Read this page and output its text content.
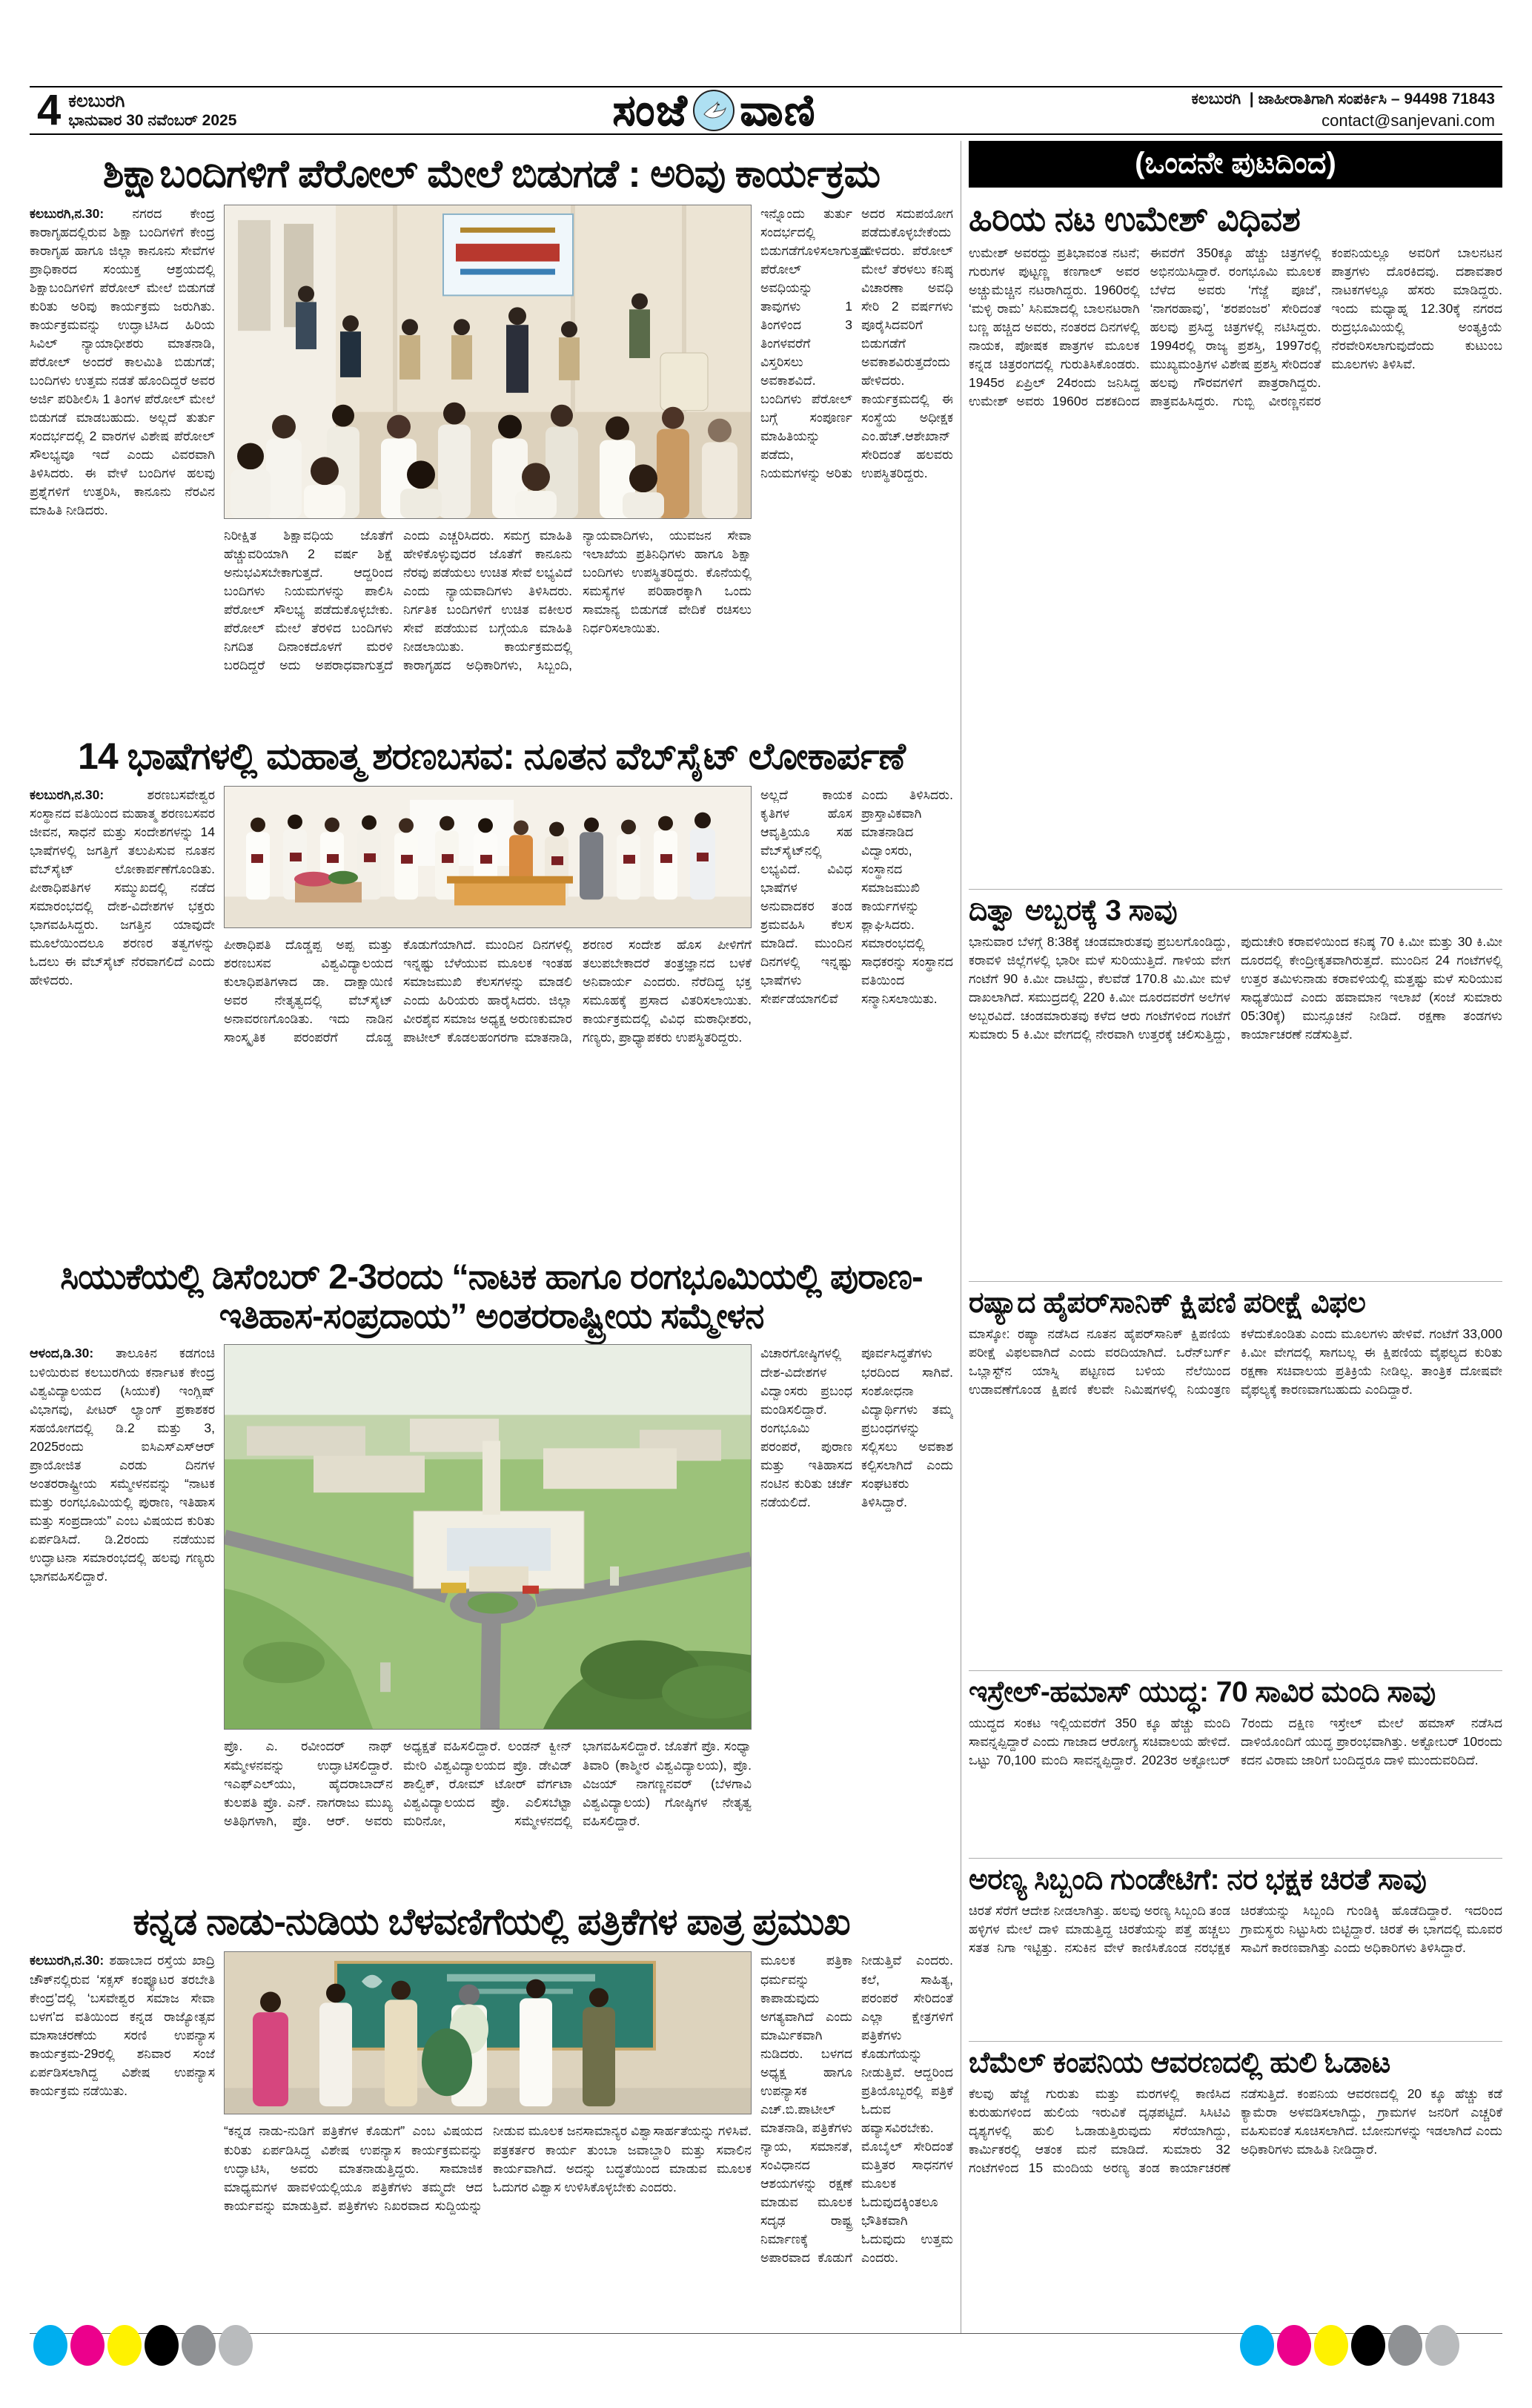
4 ಕಲಬುರಗಿ
ಭಾನುವಾರ 30 ನವೆಂಬರ್ 2025	ಸಂಜೆ ವಾಣಿ	ಕಲಬುರಗಿ | ಜಾಹೀರಾತಿಗಾಗಿ ಸಂಪರ್ಕಿಸಿ – 94498 71843
contact@sanjevani.com
ಶಿಕ್ಷಾಬಂದಿಗಳಿಗೆ ಪೆರೋಲ್ ಮೇಲೆ ಬಿಡುಗಡೆ : ಅರಿವು ಕಾರ್ಯಕ್ರಮ
ಕಲಬುರಗಿ,ನ.30: ನಗರದ ಕೇಂದ್ರ ಕಾರಾಗೃಹದಲ್ಲಿರುವ ಶಿಕ್ಷಾ ಬಂದಿಗಳಿಗೆ ಕೇಂದ್ರ ಕಾರಾಗೃಹ ಹಾಗೂ ಜಿಲ್ಲಾ ಕಾನೂನು ಸೇವೆಗಳ ಪ್ರಾಧಿಕಾರದ ಸಂಯುಕ್ತ ಆಶ್ರಯದಲ್ಲಿ ಶಿಕ್ಷಾಬಂದಿಗಳಿಗೆ ಪೆರೋಲ್ ಮೇಲೆ ಬಿಡುಗಡೆ ಕುರಿತು ಅರಿವು ಕಾರ್ಯಕ್ರಮ ಜರುಗಿತು. ಕಾರ್ಯಕ್ರಮವನ್ನು ಉದ್ಘಾಟಿಸಿದ ಹಿರಿಯ ಸಿವಿಲ್ ನ್ಯಾಯಾಧೀಶರು ಮಾತನಾಡಿ, ಪೆರೋಲ್ ಅಂದರೆ ಕಾಲಮಿತಿ ಬಿಡುಗಡೆ; ಬಂದಿಗಳು ಉತ್ತಮ ನಡತೆ ಹೊಂದಿದ್ದರೆ ಅವರ ಅರ್ಜಿ ಪರಿಶೀಲಿಸಿ 1 ತಿಂಗಳ ಪೆರೋಲ್ ಮೇಲೆ ಬಿಡುಗಡೆ ಮಾಡಬಹುದು. ಅಲ್ಲದೆ ತುರ್ತು ಸಂದರ್ಭದಲ್ಲಿ 2 ವಾರಗಳ ವಿಶೇಷ ಪೆರೋಲ್ ಸೌಲಭ್ಯವೂ ಇದೆ ಎಂದು ವಿವರವಾಗಿ ತಿಳಿಸಿದರು. ಈ ವೇಳೆ ಬಂದಿಗಳ ಹಲವು ಪ್ರಶ್ನೆಗಳಿಗೆ ಉತ್ತರಿಸಿ, ಕಾನೂನು ನೆರವಿನ ಮಾಹಿತಿ ನೀಡಿದರು.
ನಿರೀಕ್ಷಿತ ಶಿಕ್ಷಾವಧಿಯ ಜೊತೆಗೆ ಹೆಚ್ಚುವರಿಯಾಗಿ 2 ವರ್ಷ ಶಿಕ್ಷೆ ಅನುಭವಿಸಬೇಕಾಗುತ್ತದೆ. ಆದ್ದರಿಂದ ಬಂದಿಗಳು ನಿಯಮಗಳನ್ನು ಪಾಲಿಸಿ ಪೆರೋಲ್ ಸೌಲಭ್ಯ ಪಡೆದುಕೊಳ್ಳಬೇಕು. ಪೆರೋಲ್ ಮೇಲೆ ತೆರಳಿದ ಬಂದಿಗಳು ನಿಗದಿತ ದಿನಾಂಕದೊಳಗೆ ಮರಳಿ ಬರದಿದ್ದರೆ ಅದು ಅಪರಾಧವಾಗುತ್ತದೆ ಎಂದು ಎಚ್ಚರಿಸಿದರು. ಸಮಗ್ರ ಮಾಹಿತಿ ಹೇಳಿಕೊಳ್ಳುವುದರ ಜೊತೆಗೆ ಕಾನೂನು ನೆರವು ಪಡೆಯಲು ಉಚಿತ ಸೇವೆ ಲಭ್ಯವಿದೆ ಎಂದು ನ್ಯಾಯವಾದಿಗಳು ತಿಳಿಸಿದರು. ನಿರ್ಗತಿಕ ಬಂದಿಗಳಿಗೆ ಉಚಿತ ವಕೀಲರ ಸೇವೆ ಪಡೆಯುವ ಬಗ್ಗೆಯೂ ಮಾಹಿತಿ ನೀಡಲಾಯಿತು. ಕಾರ್ಯಕ್ರಮದಲ್ಲಿ ಕಾರಾಗೃಹದ ಅಧಿಕಾರಿಗಳು, ಸಿಬ್ಬಂದಿ, ನ್ಯಾಯವಾದಿಗಳು, ಯುವಜನ ಸೇವಾ ಇಲಾಖೆಯ ಪ್ರತಿನಿಧಿಗಳು ಹಾಗೂ ಶಿಕ್ಷಾ ಬಂದಿಗಳು ಉಪಸ್ಥಿತರಿದ್ದರು. ಕೊನೆಯಲ್ಲಿ ಸಮಸ್ಯೆಗಳ ಪರಿಹಾರಕ್ಕಾಗಿ ಒಂದು ಸಾಮಾನ್ಯ ಬಿಡುಗಡೆ ವೇದಿಕೆ ರಚಿಸಲು ನಿರ್ಧರಿಸಲಾಯಿತು.
ಇನ್ನೊಂದು ತುರ್ತು ಸಂದರ್ಭದಲ್ಲಿ ಬಿಡುಗಡೆಗೊಳಿಸಲಾಗುತ್ತದೆ. ಪೆರೋಲ್ ಅವಧಿಯನ್ನು ತಾವುಗಳು 1 ತಿಂಗಳಿಂದ 3 ತಿಂಗಳವರೆಗೆ ವಿಸ್ತರಿಸಲು ಅವಕಾಶವಿದೆ. ಬಂದಿಗಳು ಪೆರೋಲ್ ಬಗ್ಗೆ ಸಂಪೂರ್ಣ ಮಾಹಿತಿಯನ್ನು ಪಡೆದು, ನಿಯಮಗಳನ್ನು ಅರಿತು ಅದರ ಸದುಪಯೋಗ ಪಡೆದುಕೊಳ್ಳಬೇಕೆಂದು ಹೇಳಿದರು. ಪೆರೋಲ್ ಮೇಲೆ ತೆರಳಲು ಕನಿಷ್ಠ ವಿಚಾರಣಾ ಅವಧಿ ಸೇರಿ 2 ವರ್ಷಗಳು ಪೂರೈಸಿದವರಿಗೆ ಬಿಡುಗಡೆಗೆ ಅವಕಾಶವಿರುತ್ತದೆಂದು ಹೇಳಿದರು. ಕಾರ್ಯಕ್ರಮದಲ್ಲಿ ಈ ಸಂಸ್ಥೆಯ ಅಧೀಕ್ಷಕ ಎಂ.ಹೆಚ್.ಆಶೇಖಾನ್ ಸೇರಿದಂತೆ ಹಲವರು ಉಪಸ್ಥಿತರಿದ್ದರು.
14 ಭಾಷೆಗಳಲ್ಲಿ ಮಹಾತ್ಮ ಶರಣಬಸವ: ನೂತನ ವೆಬ್‌ಸೈಟ್ ಲೋಕಾರ್ಪಣೆ
ಕಲಬುರಗಿ,ನ.30: ಶರಣಬಸವೇಶ್ವರ ಸಂಸ್ಥಾನದ ವತಿಯಿಂದ ಮಹಾತ್ಮ ಶರಣಬಸವರ ಜೀವನ, ಸಾಧನೆ ಮತ್ತು ಸಂದೇಶಗಳನ್ನು 14 ಭಾಷೆಗಳಲ್ಲಿ ಜಗತ್ತಿಗೆ ತಲುಪಿಸುವ ನೂತನ ವೆಬ್‌ಸೈಟ್ ಲೋಕಾರ್ಪಣೆಗೊಂಡಿತು. ಪೀಠಾಧಿಪತಿಗಳ ಸಮ್ಮುಖದಲ್ಲಿ ನಡೆದ ಸಮಾರಂಭದಲ್ಲಿ ದೇಶ-ವಿದೇಶಗಳ ಭಕ್ತರು ಭಾಗವಹಿಸಿದ್ದರು. ಜಗತ್ತಿನ ಯಾವುದೇ ಮೂಲೆಯಿಂದಲೂ ಶರಣರ ತತ್ವಗಳನ್ನು ಓದಲು ಈ ವೆಬ್‌ಸೈಟ್ ನೆರವಾಗಲಿದೆ ಎಂದು ಹೇಳಿದರು.
ಪೀಠಾಧಿಪತಿ ದೊಡ್ಡಪ್ಪ ಅಪ್ಪ ಮತ್ತು ಶರಣಬಸವ ವಿಶ್ವವಿದ್ಯಾಲಯದ ಕುಲಾಧಿಪತಿಗಳಾದ ಡಾ. ದಾಕ್ಷಾಯಿಣಿ ಅವರ ನೇತೃತ್ವದಲ್ಲಿ ವೆಬ್‌ಸೈಟ್ ಅನಾವರಣಗೊಂಡಿತು. ಇದು ನಾಡಿನ ಸಾಂಸ್ಕೃತಿಕ ಪರಂಪರೆಗೆ ದೊಡ್ಡ ಕೊಡುಗೆಯಾಗಿದೆ. ಮುಂದಿನ ದಿನಗಳಲ್ಲಿ ಇನ್ನಷ್ಟು ಬೆಳೆಯುವ ಮೂಲಕ ಇಂತಹ ಸಮಾಜಮುಖಿ ಕೆಲಸಗಳನ್ನು ಮಾಡಲಿ ಎಂದು ಹಿರಿಯರು ಹಾರೈಸಿದರು. ಜಿಲ್ಲಾ ವೀರಶೈವ ಸಮಾಜ ಅಧ್ಯಕ್ಷ ಅರುಣಕುಮಾರ ಪಾಟೀಲ್ ಕೊಡಲಹಂಗರಗಾ ಮಾತನಾಡಿ, ಶರಣರ ಸಂದೇಶ ಹೊಸ ಪೀಳಿಗೆಗೆ ತಲುಪಬೇಕಾದರೆ ತಂತ್ರಜ್ಞಾನದ ಬಳಕೆ ಅನಿವಾರ್ಯ ಎಂದರು. ನೆರೆದಿದ್ದ ಭಕ್ತ ಸಮೂಹಕ್ಕೆ ಪ್ರಸಾದ ವಿತರಿಸಲಾಯಿತು. ಕಾರ್ಯಕ್ರಮದಲ್ಲಿ ವಿವಿಧ ಮಠಾಧೀಶರು, ಗಣ್ಯರು, ಪ್ರಾಧ್ಯಾಪಕರು ಉಪಸ್ಥಿತರಿದ್ದರು.
ಅಲ್ಲದೆ ಕಾಯಕ ಕೃತಿಗಳ ಹೊಸ ಆವೃತ್ತಿಯೂ ಸಹ ವೆಬ್‌ಸೈಟ್‌ನಲ್ಲಿ ಲಭ್ಯವಿದೆ. ವಿವಿಧ ಭಾಷೆಗಳ ಅನುವಾದಕರ ತಂಡ ಶ್ರಮವಹಿಸಿ ಕೆಲಸ ಮಾಡಿದೆ. ಮುಂದಿನ ದಿನಗಳಲ್ಲಿ ಇನ್ನಷ್ಟು ಭಾಷೆಗಳು ಸೇರ್ಪಡೆಯಾಗಲಿವೆ ಎಂದು ತಿಳಿಸಿದರು. ಪ್ರಾಸ್ತಾವಿಕವಾಗಿ ಮಾತನಾಡಿದ ವಿದ್ವಾಂಸರು, ಸಂಸ್ಥಾನದ ಸಮಾಜಮುಖಿ ಕಾರ್ಯಗಳನ್ನು ಶ್ಲಾಘಿಸಿದರು. ಸಮಾರಂಭದಲ್ಲಿ ಸಾಧಕರನ್ನು ಸಂಸ್ಥಾನದ ವತಿಯಿಂದ ಸನ್ಮಾನಿಸಲಾಯಿತು.
ಸಿಯುಕೆಯಲ್ಲಿ ಡಿಸೆಂಬರ್ 2-3ರಂದು “ನಾಟಕ ಹಾಗೂ ರಂಗಭೂಮಿಯಲ್ಲಿ ಪುರಾಣ-ಇತಿಹಾಸ-ಸಂಪ್ರದಾಯ” ಅಂತರರಾಷ್ಟ್ರೀಯ ಸಮ್ಮೇಳನ
ಆಳಂದ,ಡಿ.30: ತಾಲೂಕಿನ ಕಡಗಂಚಿ ಬಳಿಯಿರುವ ಕಲಬುರಗಿಯ ಕರ್ನಾಟಕ ಕೇಂದ್ರ ವಿಶ್ವವಿದ್ಯಾಲಯದ (ಸಿಯುಕೆ) ಇಂಗ್ಲಿಷ್ ವಿಭಾಗವು, ಪೀಟರ್ ಲ್ಯಾಂಗ್ ಪ್ರಕಾಶಕರ ಸಹಯೋಗದಲ್ಲಿ ಡಿ.2 ಮತ್ತು 3, 2025ರಂದು ಐಸಿಎಸ್‌ಎಸ್‌ಆರ್ ಪ್ರಾಯೋಜಿತ ಎರಡು ದಿನಗಳ ಅಂತರರಾಷ್ಟ್ರೀಯ ಸಮ್ಮೇಳನವನ್ನು “ನಾಟಕ ಮತ್ತು ರಂಗಭೂಮಿಯಲ್ಲಿ ಪುರಾಣ, ಇತಿಹಾಸ ಮತ್ತು ಸಂಪ್ರದಾಯ” ಎಂಬ ವಿಷಯದ ಕುರಿತು ಏರ್ಪಡಿಸಿದೆ. ಡಿ.2ರಂದು ನಡೆಯುವ ಉದ್ಘಾಟನಾ ಸಮಾರಂಭದಲ್ಲಿ ಹಲವು ಗಣ್ಯರು ಭಾಗವಹಿಸಲಿದ್ದಾರೆ.
ಪ್ರೊ. ಎ. ರವೀಂದರ್ ನಾಥ್ ಸಮ್ಮೇಳನವನ್ನು ಉದ್ಘಾಟಿಸಲಿದ್ದಾರೆ. ಇಎಫ್‌ಎಲ್‌ಯು, ಹೈದರಾಬಾದ್‌ನ ಕುಲಪತಿ ಪ್ರೊ. ಎನ್. ನಾಗರಾಜು ಮುಖ್ಯ ಅತಿಥಿಗಳಾಗಿ, ಪ್ರೊ. ಆರ್. ಅವರು ಅಧ್ಯಕ್ಷತೆ ವಹಿಸಲಿದ್ದಾರೆ. ಲಂಡನ್ ಕ್ವೀನ್ ಮೇರಿ ವಿಶ್ವವಿದ್ಯಾಲಯದ ಪ್ರೊ. ಡೇವಿಡ್ ಶಾಲ್ವಿಕ್, ರೋಮ್ ಟೋರ್ ವೆರ್ಗಟಾ ವಿಶ್ವವಿದ್ಯಾಲಯದ ಪ್ರೊ. ಎಲಿಸಬೆಟ್ಟಾ ಮರಿನೋ, ಸಮ್ಮೇಳನದಲ್ಲಿ ಭಾಗವಹಿಸಲಿದ್ದಾರೆ. ಜೊತೆಗೆ ಪ್ರೊ. ಸಂಧ್ಯಾ ತಿವಾರಿ (ಕಾಶ್ಮೀರ ವಿಶ್ವವಿದ್ಯಾಲಯ), ಪ್ರೊ. ವಿಜಯ್ ನಾಗಣ್ಣನವರ್ (ಬೆಳಗಾವಿ ವಿಶ್ವವಿದ್ಯಾಲಯ) ಗೋಷ್ಠಿಗಳ ನೇತೃತ್ವ ವಹಿಸಲಿದ್ದಾರೆ.
ವಿಚಾರಗೋಷ್ಠಿಗಳಲ್ಲಿ ದೇಶ-ವಿದೇಶಗಳ ವಿದ್ವಾಂಸರು ಪ್ರಬಂಧ ಮಂಡಿಸಲಿದ್ದಾರೆ. ರಂಗಭೂಮಿ ಪರಂಪರೆ, ಪುರಾಣ ಮತ್ತು ಇತಿಹಾಸದ ನಂಟಿನ ಕುರಿತು ಚರ್ಚೆ ನಡೆಯಲಿದೆ. ಪೂರ್ವಸಿದ್ಧತೆಗಳು ಭರದಿಂದ ಸಾಗಿವೆ. ಸಂಶೋಧನಾ ವಿದ್ಯಾರ್ಥಿಗಳು ತಮ್ಮ ಪ್ರಬಂಧಗಳನ್ನು ಸಲ್ಲಿಸಲು ಅವಕಾಶ ಕಲ್ಪಿಸಲಾಗಿದೆ ಎಂದು ಸಂಘಟಕರು ತಿಳಿಸಿದ್ದಾರೆ.
ಕನ್ನಡ ನಾಡು-ನುಡಿಯ ಬೆಳವಣಿಗೆಯಲ್ಲಿ ಪತ್ರಿಕೆಗಳ ಪಾತ್ರ ಪ್ರಮುಖ
ಕಲಬುರಗಿ,ನ.30: ಶಹಾಬಾದ ರಸ್ತೆಯ ಖಾದ್ರಿ ಚೌಕ್‌ನಲ್ಲಿರುವ ‘ಸಕ್ಸಸ್ ಕಂಪ್ಯೂಟರ ತರಬೇತಿ ಕೇಂದ್ರ’ದಲ್ಲಿ ‘ಬಸವೇಶ್ವರ ಸಮಾಜ ಸೇವಾ ಬಳಗ’ದ ವತಿಯಿಂದ ಕನ್ನಡ ರಾಜ್ಯೋತ್ಸವ ಮಾಸಾಚರಣೆಯ ಸರಣಿ ಉಪನ್ಯಾಸ ಕಾರ್ಯಕ್ರಮ-29ರಲ್ಲಿ ಶನಿವಾರ ಸಂಜೆ ಏರ್ಪಡಿಸಲಾಗಿದ್ದ ವಿಶೇಷ ಉಪನ್ಯಾಸ ಕಾರ್ಯಕ್ರಮ ನಡೆಯಿತು.
“ಕನ್ನಡ ನಾಡು-ನುಡಿಗೆ ಪತ್ರಿಕೆಗಳ ಕೊಡುಗೆ” ಎಂಬ ವಿಷಯದ ಕುರಿತು ಏರ್ಪಡಿಸಿದ್ದ ವಿಶೇಷ ಉಪನ್ಯಾಸ ಕಾರ್ಯಕ್ರಮವನ್ನು ಉದ್ಘಾಟಿಸಿ, ಅವರು ಮಾತನಾಡುತ್ತಿದ್ದರು. ಸಾಮಾಜಿಕ ಮಾಧ್ಯಮಗಳ ಹಾವಳಿಯಲ್ಲಿಯೂ ಪತ್ರಿಕೆಗಳು ತಮ್ಮದೇ ಆದ ಕಾರ್ಯವನ್ನು ಮಾಡುತ್ತಿವೆ. ಪತ್ರಿಕೆಗಳು ನಿಖರವಾದ ಸುದ್ದಿಯನ್ನು ನೀಡುವ ಮೂಲಕ ಜನಸಾಮಾನ್ಯರ ವಿಶ್ವಾಸಾರ್ಹತೆಯನ್ನು ಗಳಿಸಿವೆ. ಪತ್ರಕರ್ತರ ಕಾರ್ಯ ತುಂಬಾ ಜವಾಬ್ದಾರಿ ಮತ್ತು ಸವಾಲಿನ ಕಾರ್ಯವಾಗಿದೆ. ಅದನ್ನು ಬದ್ಧತೆಯಿಂದ ಮಾಡುವ ಮೂಲಕ ಓದುಗರ ವಿಶ್ವಾಸ ಉಳಿಸಿಕೊಳ್ಳಬೇಕು ಎಂದರು.
ಮೂಲಕ ಪತ್ರಿಕಾ ಧರ್ಮವನ್ನು ಕಾಪಾಡುವುದು ಅಗತ್ಯವಾಗಿದೆ ಎಂದು ಮಾರ್ಮಿಕವಾಗಿ ನುಡಿದರು. ಬಳಗದ ಅಧ್ಯಕ್ಷ ಹಾಗೂ ಉಪನ್ಯಾಸಕ ಎಚ್.ಬಿ.ಪಾಟೀಲ್ ಮಾತನಾಡಿ, ಪತ್ರಿಕೆಗಳು ನ್ಯಾಯ, ಸಮಾನತೆ, ಸಂವಿಧಾನದ ಆಶಯಗಳನ್ನು ರಕ್ಷಣೆ ಮಾಡುವ ಮೂಲಕ ಸದೃಢ ರಾಷ್ಟ್ರ ನಿರ್ಮಾಣಕ್ಕೆ ಅಪಾರವಾದ ಕೊಡುಗೆ ನೀಡುತ್ತಿವೆ ಎಂದರು. ಕಲೆ, ಸಾಹಿತ್ಯ, ಪರಂಪರೆ ಸೇರಿದಂತೆ ಎಲ್ಲಾ ಕ್ಷೇತ್ರಗಳಿಗೆ ಪತ್ರಿಕೆಗಳು ಕೊಡುಗೆಯನ್ನು ನೀಡುತ್ತಿವೆ. ಆದ್ದರಿಂದ ಪ್ರತಿಯೊಬ್ಬರಲ್ಲಿ ಪತ್ರಿಕೆ ಓದುವ ಹವ್ಯಾಸವಿರಬೇಕು. ಮೊಬೈಲ್ ಸೇರಿದಂತೆ ಮತ್ತಿತರ ಸಾಧನಗಳ ಮೂಲಕ ಓದುವುದಕ್ಕಿಂತಲೂ ಭೌತಿಕವಾಗಿ ಓದುವುದು ಉತ್ತಮ ಎಂದರು.
(ಒಂದನೇ ಪುಟದಿಂದ)
ಹಿರಿಯ ನಟ ಉಮೇಶ್ ವಿಧಿವಶ
ಉಮೇಶ್ ಅವರದ್ದು ಪ್ರತಿಭಾವಂತ ನಟನೆ; ಗುರುಗಳ ಪುಟ್ಟಣ್ಣ ಕಣಗಾಲ್ ಅವರ ಅಚ್ಚುಮೆಚ್ಚಿನ ನಟರಾಗಿದ್ದರು. 1960ರಲ್ಲಿ ‘ಮಳ್ಳಿ ರಾಮ’ ಸಿನಿಮಾದಲ್ಲಿ ಬಾಲನಟರಾಗಿ ಬಣ್ಣ ಹಚ್ಚಿದ ಅವರು, ನಂತರದ ದಿನಗಳಲ್ಲಿ ನಾಯಕ, ಪೋಷಕ ಪಾತ್ರಗಳ ಮೂಲಕ ಕನ್ನಡ ಚಿತ್ರರಂಗದಲ್ಲಿ ಗುರುತಿಸಿಕೊಂಡರು. 1945ರ ಏಪ್ರಿಲ್ 24ರಂದು ಜನಿಸಿದ್ದ ಉಮೇಶ್ ಅವರು 1960ರ ದಶಕದಿಂದ ಈವರೆಗೆ 350ಕ್ಕೂ ಹೆಚ್ಚು ಚಿತ್ರಗಳಲ್ಲಿ ಅಭಿನಯಿಸಿದ್ದಾರೆ. ರಂಗಭೂಮಿ ಮೂಲಕ ಬೆಳೆದ ಅವರು ‘ಗೆಜ್ಜೆ ಪೂಜೆ’, ‘ನಾಗರಹಾವು’, ‘ಶರಪಂಜರ’ ಸೇರಿದಂತೆ ಹಲವು ಪ್ರಸಿದ್ಧ ಚಿತ್ರಗಳಲ್ಲಿ ನಟಿಸಿದ್ದರು. 1994ರಲ್ಲಿ ರಾಜ್ಯ ಪ್ರಶಸ್ತಿ, 1997ರಲ್ಲಿ ಮುಖ್ಯಮಂತ್ರಿಗಳ ವಿಶೇಷ ಪ್ರಶಸ್ತಿ ಸೇರಿದಂತೆ ಹಲವು ಗೌರವಗಳಿಗೆ ಪಾತ್ರರಾಗಿದ್ದರು. ಪಾತ್ರವಹಿಸಿದ್ದರು. ಗುಬ್ಬಿ ವೀರಣ್ಣನವರ ಕಂಪನಿಯಲ್ಲೂ ಅವರಿಗೆ ಬಾಲನಟನ ಪಾತ್ರಗಳು ದೊರಕಿದವು. ದಶಾವತಾರ ನಾಟಕಗಳಲ್ಲೂ ಹೆಸರು ಮಾಡಿದ್ದರು. ಇಂದು ಮಧ್ಯಾಹ್ನ 12.30ಕ್ಕೆ ನಗರದ ರುದ್ರಭೂಮಿಯಲ್ಲಿ ಅಂತ್ಯಕ್ರಿಯೆ ನೆರವೇರಿಸಲಾಗುವುದೆಂದು ಕುಟುಂಬ ಮೂಲಗಳು ತಿಳಿಸಿವೆ.
ದಿತ್ವಾ ಅಬ್ಬರಕ್ಕೆ 3 ಸಾವು
ಭಾನುವಾರ ಬೆಳಗ್ಗೆ 8:38ಕ್ಕೆ ಚಂಡಮಾರುತವು ಪ್ರಬಲಗೊಂಡಿದ್ದು, ಕರಾವಳಿ ಜಿಲ್ಲೆಗಳಲ್ಲಿ ಭಾರೀ ಮಳೆ ಸುರಿಯುತ್ತಿದೆ. ಗಾಳಿಯ ವೇಗ ಗಂಟೆಗೆ 90 ಕಿ.ಮೀ ದಾಟಿದ್ದು, ಕೆಲವೆಡೆ 170.8 ಮಿ.ಮೀ ಮಳೆ ದಾಖಲಾಗಿದೆ. ಸಮುದ್ರದಲ್ಲಿ 220 ಕಿ.ಮೀ ದೂರದವರೆಗೆ ಅಲೆಗಳ ಅಬ್ಬರವಿದೆ. ಚಂಡಮಾರುತವು ಕಳೆದ ಆರು ಗಂಟೆಗಳಿಂದ ಗಂಟೆಗೆ ಸುಮಾರು 5 ಕಿ.ಮೀ ವೇಗದಲ್ಲಿ ನೇರವಾಗಿ ಉತ್ತರಕ್ಕೆ ಚಲಿಸುತ್ತಿದ್ದು, ಪುದುಚೇರಿ ಕರಾವಳಿಯಿಂದ ಕನಿಷ್ಠ 70 ಕಿ.ಮೀ ಮತ್ತು 30 ಕಿ.ಮೀ ದೂರದಲ್ಲಿ ಕೇಂದ್ರೀಕೃತವಾಗಿರುತ್ತದೆ. ಮುಂದಿನ 24 ಗಂಟೆಗಳಲ್ಲಿ ಉತ್ತರ ತಮಿಳುನಾಡು ಕರಾವಳಿಯಲ್ಲಿ ಮತ್ತಷ್ಟು ಮಳೆ ಸುರಿಯುವ ಸಾಧ್ಯತೆಯಿದೆ ಎಂದು ಹವಾಮಾನ ಇಲಾಖೆ (ಸಂಜೆ ಸುಮಾರು 05:30ಕ್ಕೆ) ಮುನ್ಸೂಚನೆ ನೀಡಿದೆ. ರಕ್ಷಣಾ ತಂಡಗಳು ಕಾರ್ಯಾಚರಣೆ ನಡೆಸುತ್ತಿವೆ.
ರಷ್ಯಾದ ಹೈಪರ್‌ಸಾನಿಕ್ ಕ್ಷಿಪಣಿ ಪರೀಕ್ಷೆ ವಿಫಲ
ಮಾಸ್ಕೋ: ರಷ್ಯಾ ನಡೆಸಿದ ನೂತನ ಹೈಪರ್‌ಸಾನಿಕ್ ಕ್ಷಿಪಣಿಯ ಪರೀಕ್ಷೆ ವಿಫಲವಾಗಿದೆ ಎಂದು ವರದಿಯಾಗಿದೆ. ಒರೆನ್‌ಬರ್ಗ್ ಒಬ್ಲಾಸ್ಟ್‌ನ ಯಾಸ್ನಿ ಪಟ್ಟಣದ ಬಳಿಯ ನೆಲೆಯಿಂದ ಉಡಾವಣೆಗೊಂಡ ಕ್ಷಿಪಣಿ ಕೆಲವೇ ನಿಮಿಷಗಳಲ್ಲಿ ನಿಯಂತ್ರಣ ಕಳೆದುಕೊಂಡಿತು ಎಂದು ಮೂಲಗಳು ಹೇಳಿವೆ. ಗಂಟೆಗೆ 33,000 ಕಿ.ಮೀ ವೇಗದಲ್ಲಿ ಸಾಗಬಲ್ಲ ಈ ಕ್ಷಿಪಣಿಯ ವೈಫಲ್ಯದ ಕುರಿತು ರಕ್ಷಣಾ ಸಚಿವಾಲಯ ಪ್ರತಿಕ್ರಿಯೆ ನೀಡಿಲ್ಲ. ತಾಂತ್ರಿಕ ದೋಷವೇ ವೈಫಲ್ಯಕ್ಕೆ ಕಾರಣವಾಗಬಹುದು ಎಂದಿದ್ದಾರೆ.
ಇಸ್ರೇಲ್-ಹಮಾಸ್ ಯುದ್ಧ: 70 ಸಾವಿರ ಮಂದಿ ಸಾವು
ಯುದ್ಧದ ಸಂಕಟ ಇಲ್ಲಿಯವರೆಗೆ 350 ಕ್ಕೂ ಹೆಚ್ಚು ಮಂದಿ ಸಾವನ್ನಪ್ಪಿದ್ದಾರೆ ಎಂದು ಗಾಜಾದ ಆರೋಗ್ಯ ಸಚಿವಾಲಯ ಹೇಳಿದೆ. ಒಟ್ಟು 70,100 ಮಂದಿ ಸಾವನ್ನಪ್ಪಿದ್ದಾರೆ. 2023ರ ಅಕ್ಟೋಬರ್ 7ರಂದು ದಕ್ಷಿಣ ಇಸ್ರೇಲ್ ಮೇಲೆ ಹಮಾಸ್ ನಡೆಸಿದ ದಾಳಿಯೊಂದಿಗೆ ಯುದ್ಧ ಪ್ರಾರಂಭವಾಗಿತ್ತು. ಅಕ್ಟೋಬರ್ 10ರಂದು ಕದನ ವಿರಾಮ ಜಾರಿಗೆ ಬಂದಿದ್ದರೂ ದಾಳಿ ಮುಂದುವರಿದಿದೆ.
ಅರಣ್ಯ ಸಿಬ್ಬಂದಿ ಗುಂಡೇಟಿಗೆ: ನರ ಭಕ್ಷಕ ಚಿರತೆ ಸಾವು
ಚಿರತೆ ಸೆರೆಗೆ ಆದೇಶ ನೀಡಲಾಗಿತ್ತು. ಹಲವು ಅರಣ್ಯ ಸಿಬ್ಬಂದಿ ತಂಡ ಹಳ್ಳಿಗಳ ಮೇಲೆ ದಾಳಿ ಮಾಡುತ್ತಿದ್ದ ಚಿರತೆಯನ್ನು ಪತ್ತೆ ಹಚ್ಚಲು ಸತತ ನಿಗಾ ಇಟ್ಟಿತ್ತು. ನಸುಕಿನ ವೇಳೆ ಕಾಣಿಸಿಕೊಂಡ ನರಭಕ್ಷಕ ಚಿರತೆಯನ್ನು ಸಿಬ್ಬಂದಿ ಗುಂಡಿಕ್ಕಿ ಹೊಡೆದಿದ್ದಾರೆ. ಇದರಿಂದ ಗ್ರಾಮಸ್ಥರು ನಿಟ್ಟುಸಿರು ಬಿಟ್ಟಿದ್ದಾರೆ. ಚಿರತೆ ಈ ಭಾಗದಲ್ಲಿ ಮೂವರ ಸಾವಿಗೆ ಕಾರಣವಾಗಿತ್ತು ಎಂದು ಅಧಿಕಾರಿಗಳು ತಿಳಿಸಿದ್ದಾರೆ.
ಬೆಮೆಲ್ ಕಂಪನಿಯ ಆವರಣದಲ್ಲಿ ಹುಲಿ ಓಡಾಟ
ಕೆಲವು ಹೆಜ್ಜೆ ಗುರುತು ಮತ್ತು ಮರಗಳಲ್ಲಿ ಕಾಣಿಸಿದ ಕುರುಹುಗಳಿಂದ ಹುಲಿಯ ಇರುವಿಕೆ ದೃಢಪಟ್ಟಿದೆ. ಸಿಸಿಟಿವಿ ದೃಶ್ಯಗಳಲ್ಲಿ ಹುಲಿ ಓಡಾಡುತ್ತಿರುವುದು ಸೆರೆಯಾಗಿದ್ದು, ಕಾರ್ಮಿಕರಲ್ಲಿ ಆತಂಕ ಮನೆ ಮಾಡಿದೆ. ಸುಮಾರು 32 ಗಂಟೆಗಳಿಂದ 15 ಮಂದಿಯ ಅರಣ್ಯ ತಂಡ ಕಾರ್ಯಾಚರಣೆ ನಡೆಸುತ್ತಿದೆ. ಕಂಪನಿಯ ಆವರಣದಲ್ಲಿ 20 ಕ್ಕೂ ಹೆಚ್ಚು ಕಡೆ ಕ್ಯಾಮೆರಾ ಅಳವಡಿಸಲಾಗಿದ್ದು, ಗ್ರಾಮಗಳ ಜನರಿಗೆ ಎಚ್ಚರಿಕೆ ವಹಿಸುವಂತೆ ಸೂಚಿಸಲಾಗಿದೆ. ಬೋನುಗಳನ್ನು ಇಡಲಾಗಿದೆ ಎಂದು ಅಧಿಕಾರಿಗಳು ಮಾಹಿತಿ ನೀಡಿದ್ದಾರೆ.
